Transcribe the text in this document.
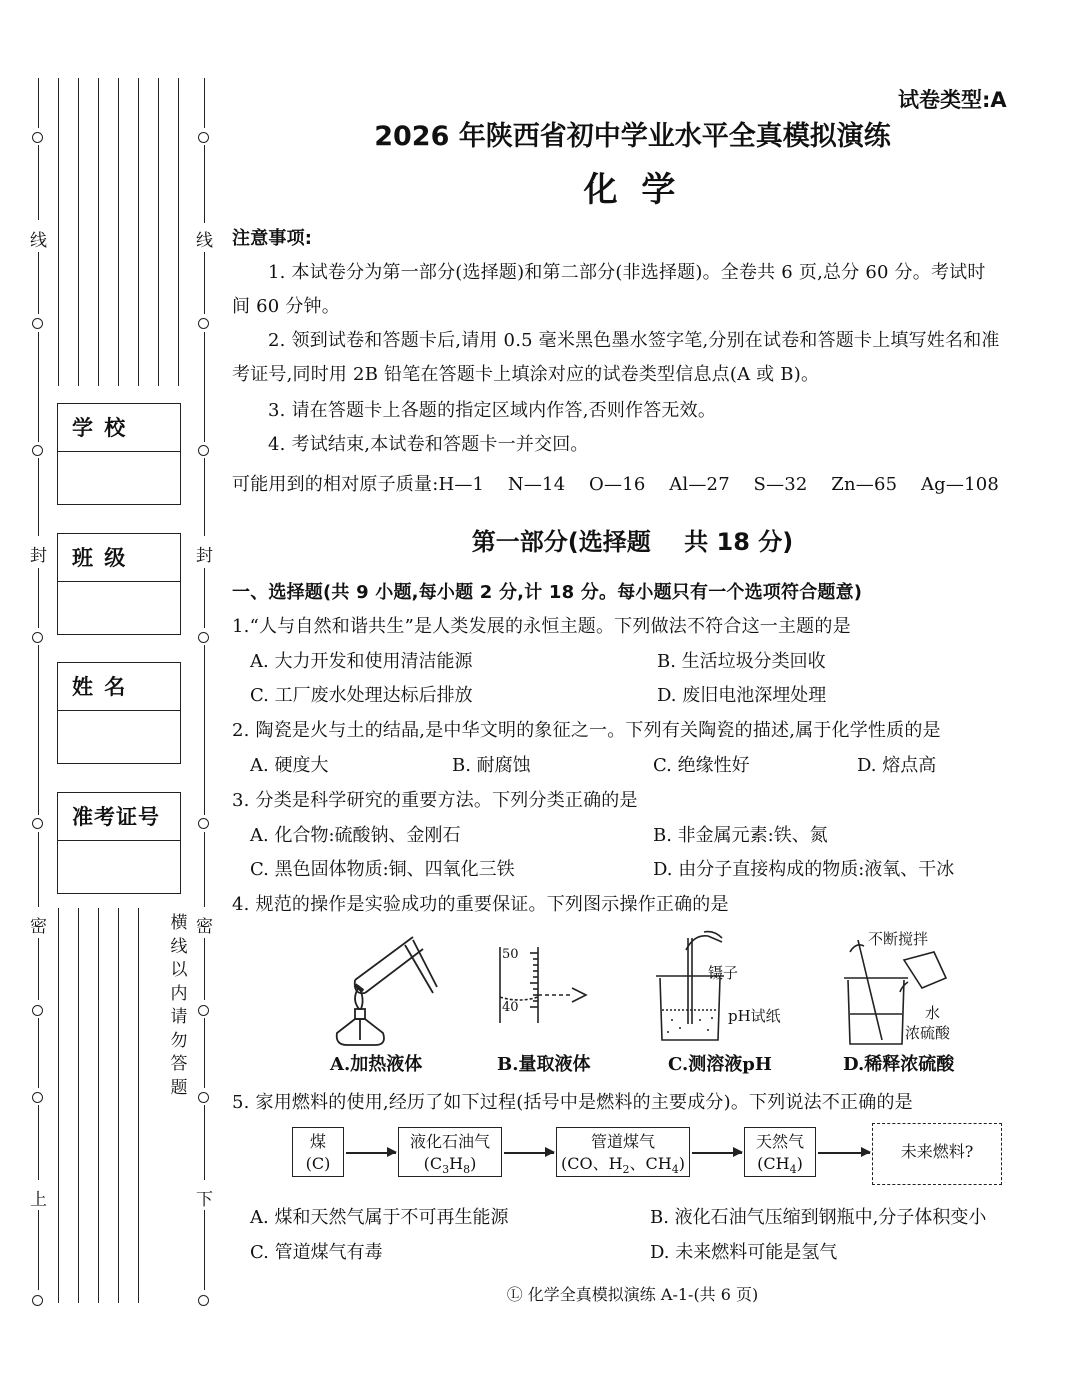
线
封
密
上
学 校
班 级
姓 名
准考证号
横线以内请勿答题
线
封
密
下
试卷类型:A
2026 年陕西省初中学业水平全真模拟演练
化 学
注意事项:
1. 本试卷分为第一部分(选择题)和第二部分(非选择题)。全卷共 6 页,总分 60 分。考试时
间 60 分钟。
2. 领到试卷和答题卡后,请用 0.5 毫米黑色墨水签字笔,分别在试卷和答题卡上填写姓名和准
考证号,同时用 2B 铅笔在答题卡上填涂对应的试卷类型信息点(A 或 B)。
3. 请在答题卡上各题的指定区域内作答,否则作答无效。
4. 考试结束,本试卷和答题卡一并交回。
可能用到的相对原子质量:H—1    N—14    O—16    Al—27    S—32    Zn—65    Ag—108
第一部分(选择题    共 18 分)
一、选择题(共 9 小题,每小题 2 分,计 18 分。每小题只有一个选项符合题意)
1.“人与自然和谐共生”是人类发展的永恒主题。下列做法不符合这一主题的是
A. 大力开发和使用清洁能源	B. 生活垃圾分类回收
C. 工厂废水处理达标后排放	D. 废旧电池深埋处理
2. 陶瓷是火与土的结晶,是中华文明的象征之一。下列有关陶瓷的描述,属于化学性质的是
A. 硬度大	B. 耐腐蚀	C. 绝缘性好	D. 熔点高
3. 分类是科学研究的重要方法。下列分类正确的是
A. 化合物:硫酸钠、金刚石	B. 非金属元素:铁、氮
C. 黑色固体物质:铜、四氧化三铁	D. 由分子直接构成的物质:液氧、干冰
4. 规范的操作是实验成功的重要保证。下列图示操作正确的是
A.加热液体
50
40
B.量取液体
镊子
pH试纸
C.测溶液pH
不断搅拌
水
浓硫酸
D.稀释浓硫酸
5. 家用燃料的使用,经历了如下过程(括号中是燃料的主要成分)。下列说法不正确的是
煤
(C)
液化石油气
$(C_3H_8)$
管道煤气
(CO、$H_2$、$CH_4$)
天然气
$(CH_4)$
未来燃料?
A. 煤和天然气属于不可再生能源	B. 液化石油气压缩到钢瓶中,分子体积变小
C. 管道煤气有毒	D. 未来燃料可能是氢气
Ⓛ 化学全真模拟演练 A-1-(共 6 页)
